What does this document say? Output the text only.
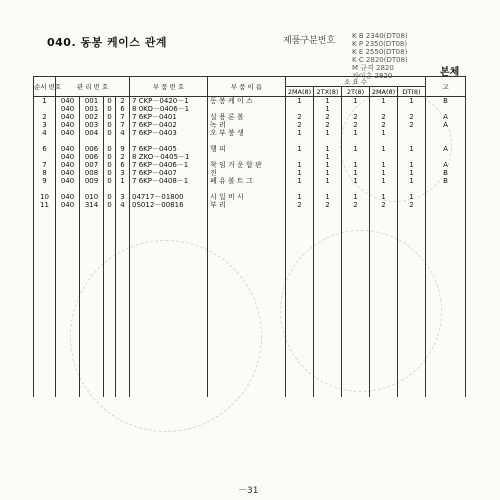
040. 동봉 케이스 관계	제품구분번호 K B 2340(DT08)
K P 2350(DT08)
K E 2550(DT08)
K C 2820(DT08)
M 규격 2820
차이총 2820	본체
순서 번호	관 리 번 호				부 품 번 호	부 품 이 름	소 요 수					고
							2MA(8)	2TX(8)	2T(8)	2MA(8)	DT(8)	
1	040	001	0	2	7 CKP－0420－1	동 봉 케 이 스	1	1	1	1	1	B
	040	001	0	6	8 0KO－0406－1			1				
2	040	002	0	7	7 6KP－0401	실 용 론 볼	2	2	2	2	2	A
3	040	003	0	7	7 6KP－0402	녹 러	2	2	2	2	2	A
4	040	004	0	4	7 6KP－0403	오 부 붕 생	1	1	1	1		

6	040	006	0	9	7 6KP－0405	행 피	1	1	1	1	1	A
	040	006	0	2	8 ZKO－0405－1			1				
7	040	007	0	6	7 6KP－0406－1	착 임 거 운 합 판	1	1	1	1	1	A
8	040	008	0	3	7 6KP－0407	진	1	1	1	1	1	B
9	040	009	0	1	7 6KP－0408－1	폐 유 볼 트 그	1	1	1	1	1	B

10	040	010	0	3	04717－01800	시 일 비 시	1	1	1	1	1	
11	040	314	0	4	0S012－00816	부 리	2	2	2	2	2	

－31
